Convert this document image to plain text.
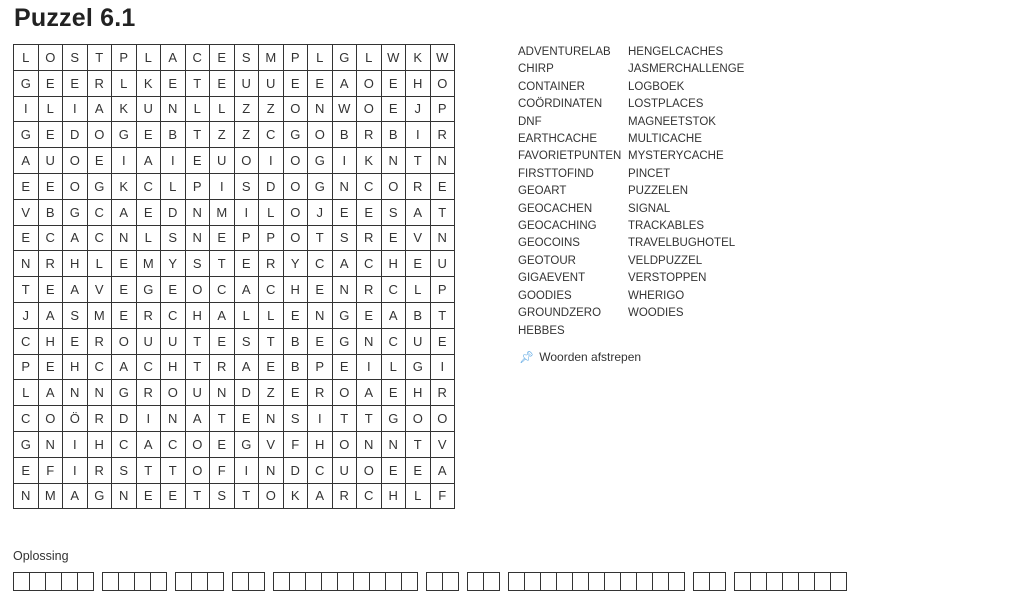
Puzzel 6.1
L	O	S	T	P	L	A	C	E	S	M	P	L	G	L	W	K	W
G	E	E	R	L	K	E	T	E	U	U	E	E	A	O	E	H	O
I	L	I	A	K	U	N	L	L	Z	Z	O	N	W	O	E	J	P
G	E	D	O	G	E	B	T	Z	Z	C	G	O	B	R	B	I	R
A	U	O	E	I	A	I	E	U	O	I	O	G	I	K	N	T	N
E	E	O	G	K	C	L	P	I	S	D	O	G	N	C	O	R	E
V	B	G	C	A	E	D	N	M	I	L	O	J	E	E	S	A	T
E	C	A	C	N	L	S	N	E	P	P	O	T	S	R	E	V	N
N	R	H	L	E	M	Y	S	T	E	R	Y	C	A	C	H	E	U
T	E	A	V	E	G	E	O	C	A	C	H	E	N	R	C	L	P
J	A	S	M	E	R	C	H	A	L	L	E	N	G	E	A	B	T
C	H	E	R	O	U	U	T	E	S	T	B	E	G	N	C	U	E
P	E	H	C	A	C	H	T	R	A	E	B	P	E	I	L	G	I
L	A	N	N	G	R	O	U	N	D	Z	E	R	O	A	E	H	R
C	O	Ö	R	D	I	N	A	T	E	N	S	I	T	T	G	O	O
G	N	I	H	C	A	C	O	E	G	V	F	H	O	N	N	T	V
E	F	I	R	S	T	T	O	F	I	N	D	C	U	O	E	E	A
N	M	A	G	N	E	E	T	S	T	O	K	A	R	C	H	L	F
ADVENTURELAB
CHIRP
CONTAINER
COÖRDINATEN
DNF
EARTHCACHE
FAVORIETPUNTEN
FIRSTTOFIND
GEOART
GEOCACHEN
GEOCACHING
GEOCOINS
GEOTOUR
GIGAEVENT
GOODIES
GROUNDZERO
HEBBES
HENGELCACHES
JASMERCHALLENGE
LOGBOEK
LOSTPLACES
MAGNEETSTOK
MULTICACHE
MYSTERYCACHE
PINCET
PUZZELEN
SIGNAL
TRACKABLES
TRAVELBUGHOTEL
VELDPUZZEL
VERSTOPPEN
WHERIGO
WOODIES
📌︎ Woorden afstrepen
Oplossing
